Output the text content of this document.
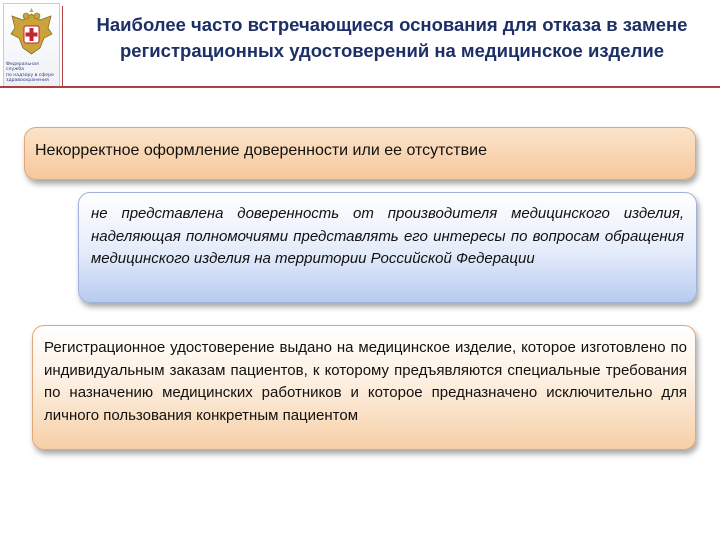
Федеральная служба
по надзору в сфере
здравоохранения
Наиболее часто встречающиеся основания для отказа в замене регистрационных удостоверений на медицинское изделие
Некорректное оформление доверенности или ее отсутствие
не представлена доверенность от производителя медицинского изделия, наделяющая полномочиями представлять его интересы по вопросам обращения медицинского изделия на территории Российской Федерации
Регистрационное удостоверение выдано на медицинское изделие, которое изготовлено по индивидуальным заказам пациентов, к которому предъявляются специальные требования по назначению медицинских работников и которое предназначено исключительно для личного пользования конкретным пациентом
